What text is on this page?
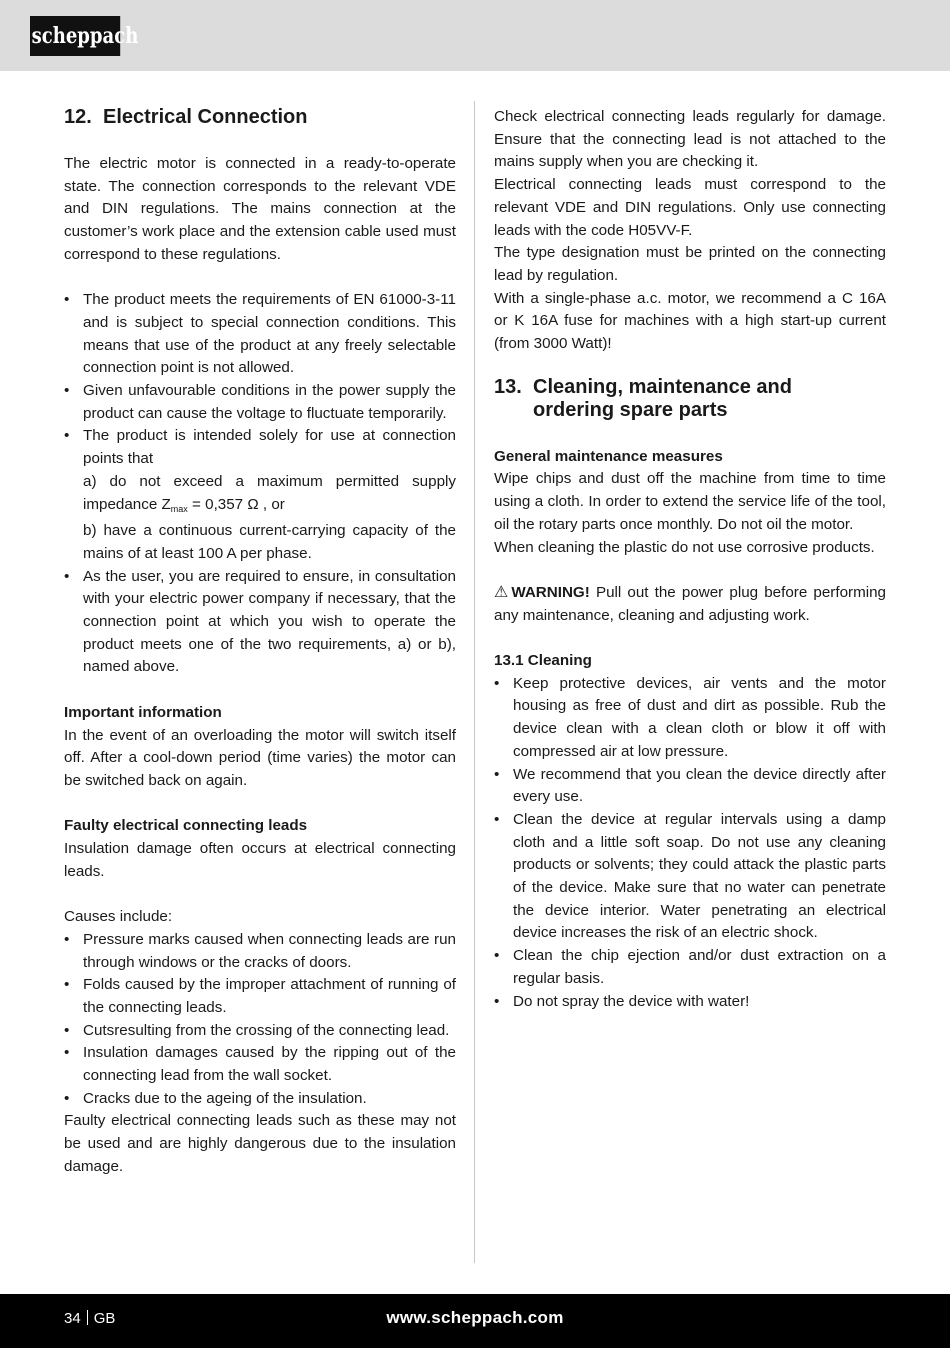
scheppach
12. Electrical Connection

The electric motor is connected in a ready-to-operate state. The connection corresponds to the relevant VDE and DIN regulations. The mains connection at the customer’s work place and the extension cable used must correspond to these regulations.

• The product meets the requirements of EN 61000-3-11 and is subject to special connection conditions. This means that use of the product at any freely selectable connection point is not allowed.
• Given unfavourable conditions in the power supply the product can cause the voltage to fluctuate temporarily.
• The product is intended solely for use at connection points that
a) do not exceed a maximum permitted supply impedance $Z_{max} = 0,357$ Ω , or
b) have a continuous current-carrying capacity of the mains of at least 100 A per phase.
• As the user, you are required to ensure, in consultation with your electric power company if necessary, that the connection point at which you wish to operate the product meets one of the two requirements, a) or b), named above.
Important information

In the event of an overloading the motor will switch itself off. After a cool-down period (time varies) the motor can be switched back on again.

Faulty electrical connecting leads

Insulation damage often occurs at electrical connecting leads.

Causes include:
• Pressure marks caused when connecting leads are run through windows or the cracks of doors.
• Folds caused by the improper attachment of running of the connecting leads.
• Cutsresulting from the crossing of the connecting lead.
• Insulation damages caused by the ripping out of the connecting lead from the wall socket.
• Cracks due to the ageing of the insulation.

Faulty electrical connecting leads such as these may not be used and are highly dangerous due to the insulation damage.

Check electrical connecting leads regularly for damage. Ensure that the connecting lead is not attached to the mains supply when you are checking it.

Electrical connecting leads must correspond to the relevant VDE and DIN regulations. Only use connecting leads with the code H05VV-F.

The type designation must be printed on the connecting lead by regulation.

With a single-phase a.c. motor, we recommend a C 16A or K 16A fuse for machines with a high start-up current (from 3000 Watt)!

13. Cleaning, maintenance and
ordering spare parts
General maintenance measures

Wipe chips and dust off the machine from time to time using a cloth. In order to extend the service life of the tool, oil the rotary parts once monthly. Do not oil the motor.

When cleaning the plastic do not use corrosive products.

⚠ WARNING! Pull out the power plug before performing any maintenance, cleaning and adjusting work.

13.1 Cleaning
• Keep protective devices, air vents and the motor housing as free of dust and dirt as possible. Rub the device clean with a clean cloth or blow it off with compressed air at low pressure.
• We recommend that you clean the device directly after every use.
• Clean the device at regular intervals using a damp cloth and a little soft soap. Do not use any cleaning products or solvents; they could attack the plastic parts of the device. Make sure that no water can penetrate the device interior. Water penetrating an electrical device increases the risk of an electric shock.
• Clean the chip ejection and/or dust extraction on a regular basis.
• Do not spray the device with water!
34 GB	www.scheppach.com
